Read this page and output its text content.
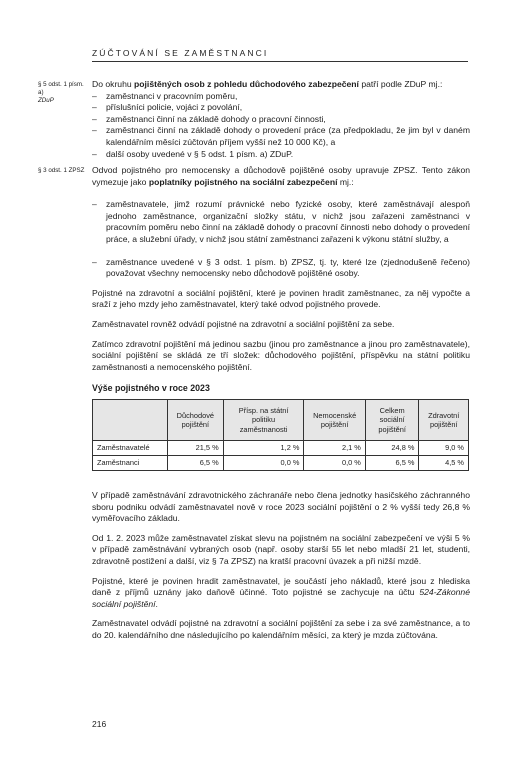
ZÚČTOVÁNÍ SE ZAMĚSTNANCI
§ 5 odst. 1 písm. a)
ZDuP
§ 3 odst. 1 ZPSZ

Do okruhu pojištěných osob z pohledu důchodového zabezpečení patří podle ZDuP mj.:

– zaměstnanci v pracovním poměru,
– příslušníci policie, vojáci z povolání,
– zaměstnanci činní na základě dohody o pracovní činnosti,
– zaměstnanci činní na základě dohody o provedení práce (za předpokladu, že jim byl v daném kalendářním měsíci zúčtován příjem vyšší než 10 000 Kč), a
– další osoby uvedené v § 5 odst. 1 písm. a) ZDuP.

Odvod pojistného pro nemocensky a důchodově pojištěné osoby upravuje ZPSZ. Tento zákon vymezuje jako poplatníky pojistného na sociální zabezpečení mj.:

– zaměstnavatele, jimž rozumí právnické nebo fyzické osoby, které zaměstnávají alespoň jednoho zaměstnance, organizační složky státu, v nichž jsou zařazeni zaměstnanci v pracovním poměru nebo činní na základě dohody o pracovní činnosti nebo dohody o provedení práce, a služební úřady, v nichž jsou státní zaměstnanci zařazeni k výkonu státní služby, a
– zaměstnance uvedené v § 3 odst. 1 písm. b) ZPSZ, tj. ty, které lze (zjednodušeně řečeno) považovat všechny nemocensky nebo důchodově pojištěné osoby.

Pojistné na zdravotní a sociální pojištění, které je povinen hradit zaměstnanec, za něj vypočte a sraží z jeho mzdy jeho zaměstnavatel, který také odvod pojistného provede.

Zaměstnavatel rovněž odvádí pojistné na zdravotní a sociální pojištění za sebe.

Zatímco zdravotní pojištění má jedinou sazbu (jinou pro zaměstnance a jinou pro zaměstnavatele), sociální pojištění se skládá ze tří složek: důchodového pojištění, příspěvku na státní politiku zaměstnanosti a nemocenského pojištění.

Výše pojistného v roce 2023
	Důchodové pojištění	Přísp. na státní politiku zaměstnanosti	Nemocenské pojištění	Celkem sociální pojištění	Zdravotní pojištění
Zaměstnavatelé	21,5 %	1,2 %	2,1 %	24,8 %	9,0 %
Zaměstnanci	6,5 %	0,0 %	0,0 %	6,5 %	4,5 %

V případě zaměstnávání zdravotnického záchranáře nebo člena jednotky hasičského záchranného sboru podniku odvádí zaměstnavatel nově v roce 2023 sociální pojištění o 2 % vyšší tedy 26,8 % vyměřovacího základu.

Od 1. 2. 2023 může zaměstnavatel získat slevu na pojistném na sociální zabezpečení ve výši 5 % v případě zaměstnávání vybraných osob (např. osoby starší 55 let nebo mladší 21 let, studenti, zdravotně postižení a další, viz § 7a ZPSZ) na kratší pracovní úvazek a při nižší mzdě.

Pojistné, které je povinen hradit zaměstnavatel, je součástí jeho nákladů, které jsou z hlediska daně z příjmů uznány jako daňově účinné. Toto pojistné se zachycuje na účtu 524-Zákonné sociální pojištění.

Zaměstnavatel odvádí pojistné na zdravotní a sociální pojištění za sebe i za své zaměstnance, a to do 20. kalendářního dne následujícího po kalendářním měsíci, za který je mzda zúčtována.

216
